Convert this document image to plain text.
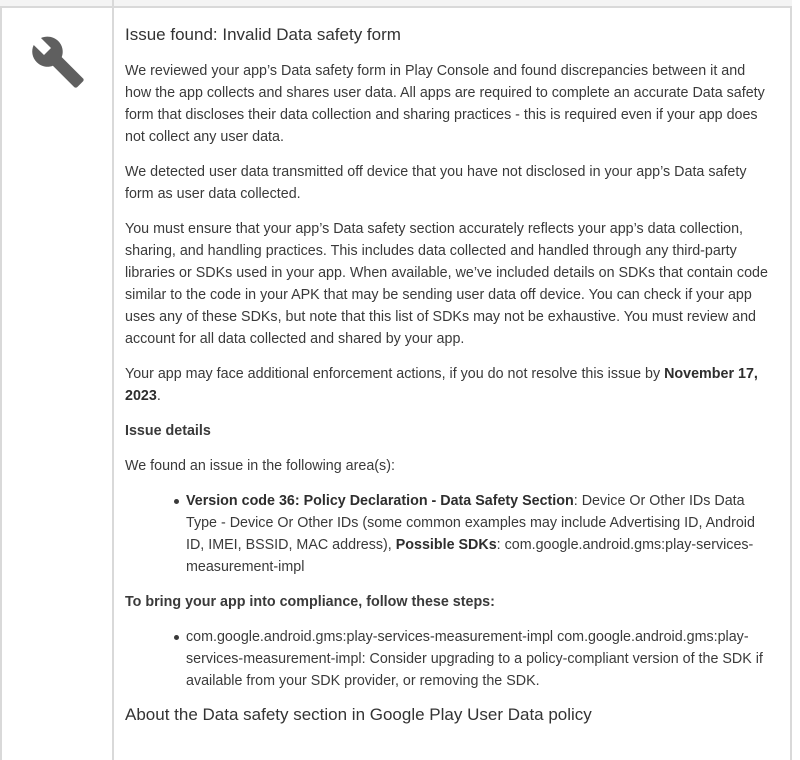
Issue found: Invalid Data safety form

We reviewed your app’s Data safety form in Play Console and found discrepancies between it and how the app collects and shares user data. All apps are required to complete an accurate Data safety form that discloses their data collection and sharing practices - this is required even if your app does not collect any user data.

We detected user data transmitted off device that you have not disclosed in your app’s Data safety form as user data collected.

You must ensure that your app’s Data safety section accurately reflects your app’s data collection, sharing, and handling practices. This includes data collected and handled through any third-party libraries or SDKs used in your app. When available, we’ve included details on SDKs that contain code similar to the code in your APK that may be sending user data off device. You can check if your app uses any of these SDKs, but note that this list of SDKs may not be exhaustive. You must review and account for all data collected and shared by your app.

Your app may face additional enforcement actions, if you do not resolve this issue by November 17, 2023.

Issue details

We found an issue in the following area(s):

Version code 36: Policy Declaration - Data Safety Section: Device Or Other IDs Data Type - Device Or Other IDs (some common examples may include Advertising ID, Android ID, IMEI, BSSID, MAC address), Possible SDKs: com.google.android.gms:play-services-measurement-impl

To bring your app into compliance, follow these steps:

com.google.android.gms:play-services-measurement-impl com.google.android.gms:play-services-measurement-impl: Consider upgrading to a policy-compliant version of the SDK if available from your SDK provider, or removing the SDK.
About the Data safety section in Google Play User Data policy
